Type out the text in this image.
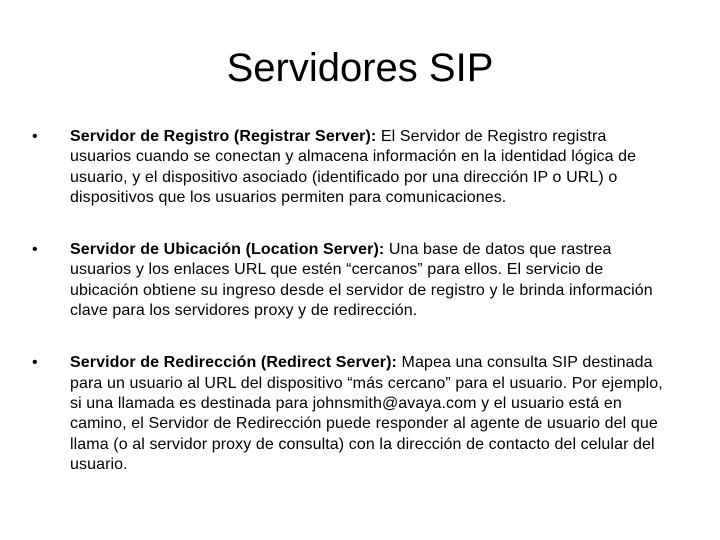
Servidores SIP
•	Servidor de Registro (Registrar Server): El Servidor de Registro registra usuarios cuando se conectan y almacena información en la identidad lógica de usuario, y el dispositivo asociado (identificado por una dirección IP o URL) o dispositivos que los usuarios permiten para comunicaciones.
•	Servidor de Ubicación (Location Server): Una base de datos que rastrea usuarios y los enlaces URL que estén “cercanos” para ellos. El servicio de ubicación obtiene su ingreso desde el servidor de registro y le brinda información clave para los servidores proxy y de redirección.
•	Servidor de Redirección (Redirect Server): Mapea una consulta SIP destinada para un usuario al URL del dispositivo “más cercano” para el usuario. Por ejemplo, si una llamada es destinada para johnsmith@avaya.com y el usuario está en camino, el Servidor de Redirección puede responder al agente de usuario del que llama (o al servidor proxy de consulta) con la dirección de contacto del celular del usuario.
